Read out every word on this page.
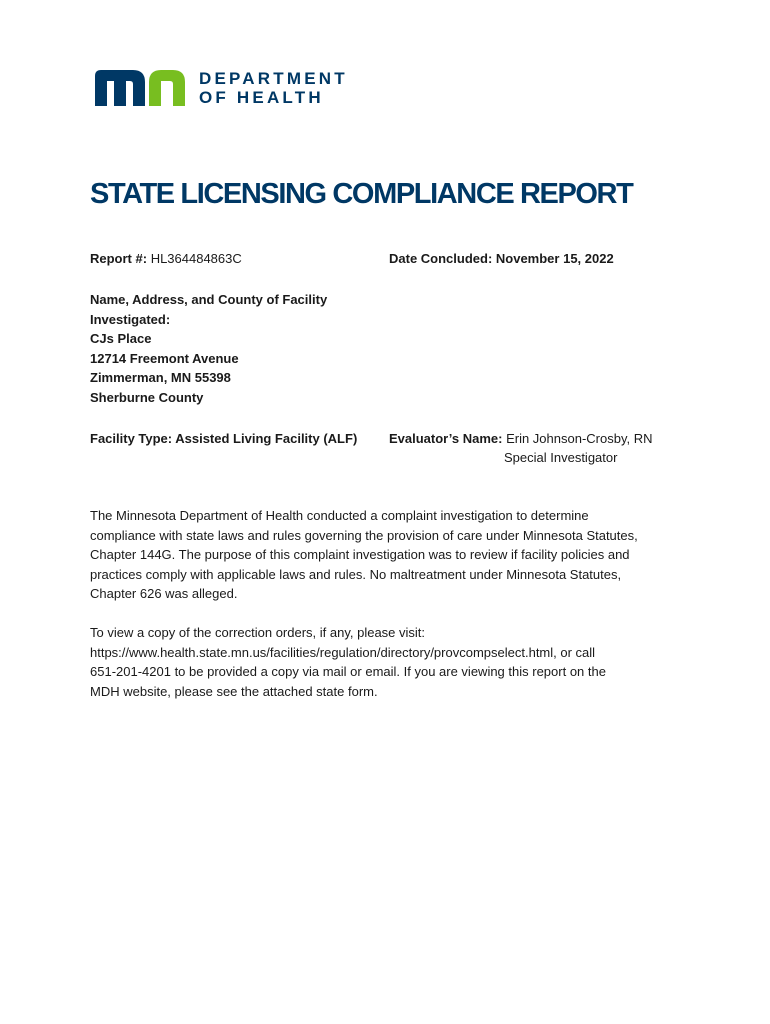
DEPARTMENT
OF HEALTH
STATE LICENSING COMPLIANCE REPORT
Report #: HL364484863C	Date Concluded: November 15, 2022
Name, Address, and County of Facility
Investigated:
CJs Place
12714 Freemont Avenue
Zimmerman, MN 55398
Sherburne County
Facility Type: Assisted Living Facility (ALF) Evaluator’s Name: Erin Johnson-Crosby, RN
Special Investigator

The Minnesota Department of Health conducted a complaint investigation to determine
compliance with state laws and rules governing the provision of care under Minnesota Statutes,
Chapter 144G. The purpose of this complaint investigation was to review if facility policies and
practices comply with applicable laws and rules. No maltreatment under Minnesota Statutes,
Chapter 626 was alleged.

To view a copy of the correction orders, if any, please visit:
https://www.health.state.mn.us/facilities/regulation/directory/provcompselect.html, or call
651-201-4201 to be provided a copy via mail or email. If you are viewing this report on the
MDH website, please see the attached state form.
